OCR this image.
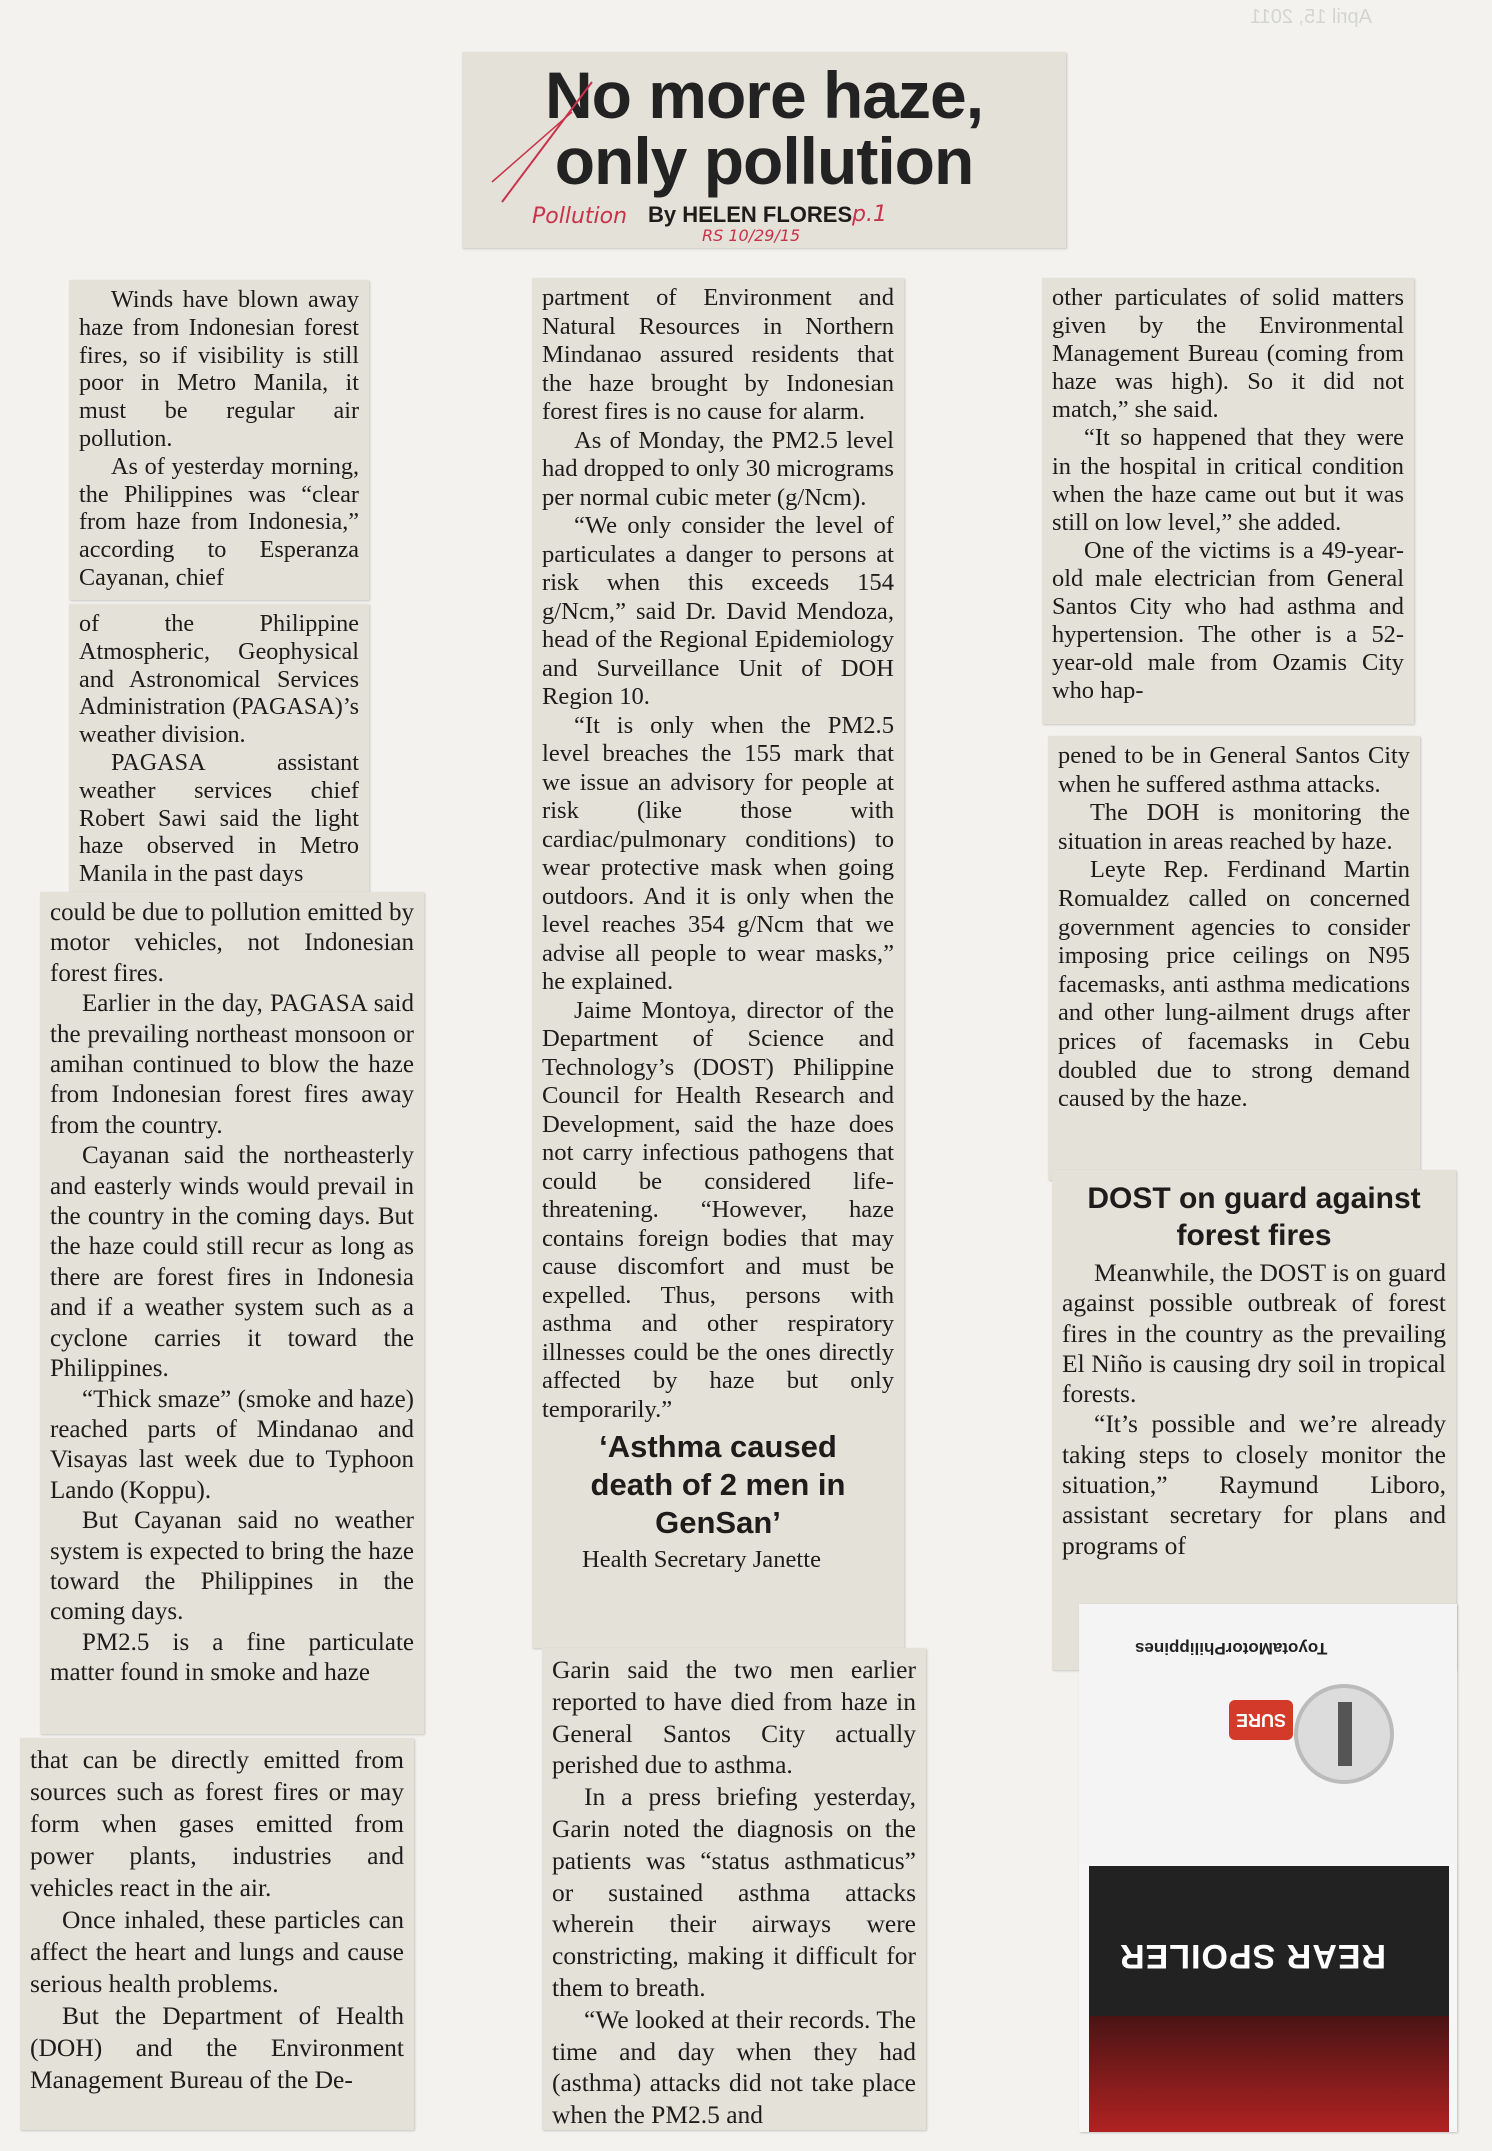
April 15, 2011
No more haze,
only pollution
Pollution By HELEN FLORES
RS 10/29/15
p.1

Winds have blown away haze from Indonesian forest fires, so if visibility is still poor in Metro Manila, it must be regular air pollution.

As of yesterday morning, the Philippines was “clear from haze from Indonesia,” according to Esperanza Cayanan, chief

of the Philippine Atmospheric, Geophysical and Astronomical Services Administration (PAGASA)’s weather division.

PAGASA assistant weather services chief Robert Sawi said the light haze observed in Metro Manila in the past days

could be due to pollution emitted by motor vehicles, not Indonesian forest fires.

Earlier in the day, PAGASA said the prevailing northeast monsoon or amihan continued to blow the haze from Indonesian forest fires away from the country.

Cayanan said the northeasterly and easterly winds would prevail in the country in the coming days. But the haze could still recur as long as there are forest fires in Indonesia and if a weather system such as a cyclone carries it toward the Philippines.

“Thick smaze” (smoke and haze) reached parts of Mindanao and Visayas last week due to Typhoon Lando (Koppu).

But Cayanan said no weather system is expected to bring the haze toward the Philippines in the coming days.

PM2.5 is a fine particulate matter found in smoke and haze

that can be directly emitted from sources such as forest fires or may form when gases emitted from power plants, industries and vehicles react in the air.

Once inhaled, these particles can affect the heart and lungs and cause serious health problems.

But the Department of Health (DOH) and the Environment Management Bureau of the De-

partment of Environment and Natural Resources in Northern Mindanao assured residents that the haze brought by Indonesian forest fires is no cause for alarm.

As of Monday, the PM2.5 level had dropped to only 30 micrograms per normal cubic meter (g/Ncm).

“We only consider the level of particulates a danger to persons at risk when this exceeds 154 g/Ncm,” said Dr. David Mendoza, head of the Regional Epidemiology and Surveillance Unit of DOH Region 10.

“It is only when the PM2.5 level breaches the 155 mark that we issue an advisory for people at risk (like those with cardiac/pulmonary conditions) to wear protective mask when going outdoors. And it is only when the level reaches 354 g/Ncm that we advise all people to wear masks,” he explained.

Jaime Montoya, director of the Department of Science and Technology’s (DOST) Philippine Council for Health Research and Development, said the haze does not carry infectious pathogens that could be considered life-threatening. “However, haze contains foreign bodies that may cause discomfort and must be expelled. Thus, persons with asthma and other respiratory illnesses could be the ones directly affected by haze but only temporarily.”

‘Asthma caused death of 2 men in GenSan’

Health Secretary Janette

Garin said the two men earlier reported to have died from haze in General Santos City actually perished due to asthma.

In a press briefing yesterday, Garin noted the diagnosis on the patients was “status asthmaticus” or sustained asthma attacks wherein their airways were constricting, making it difficult for them to breath.

“We looked at their records. The time and day when they had (asthma) attacks did not take place when the PM2.5 and

other particulates of solid matters given by the Environmental Management Bureau (coming from haze was high). So it did not match,” she said.

“It so happened that they were in the hospital in critical condition when the haze came out but it was still on low level,” she added.

One of the victims is a 49-year-old male electrician from General Santos City who had asthma and hypertension. The other is a 52-year-old male from Ozamis City who hap-

pened to be in General Santos City when he suffered asthma attacks.

The DOH is monitoring the situation in areas reached by haze.

Leyte Rep. Ferdinand Martin Romualdez called on concerned government agencies to consider imposing price ceilings on N95 facemasks, anti asthma medications and other lung-ailment drugs after prices of facemasks in Cebu doubled due to strong demand caused by the haze.

DOST on guard against forest fires

Meanwhile, the DOST is on guard against possible outbreak of forest fires in the country as the prevailing El Niño is causing dry soil in tropical forests.

“It’s possible and we’re already taking steps to closely monitor the situation,” Raymund Liboro, assistant secretary for plans and programs of

ToyotaMotorPhilippines
SURE
REAR SPOILER
